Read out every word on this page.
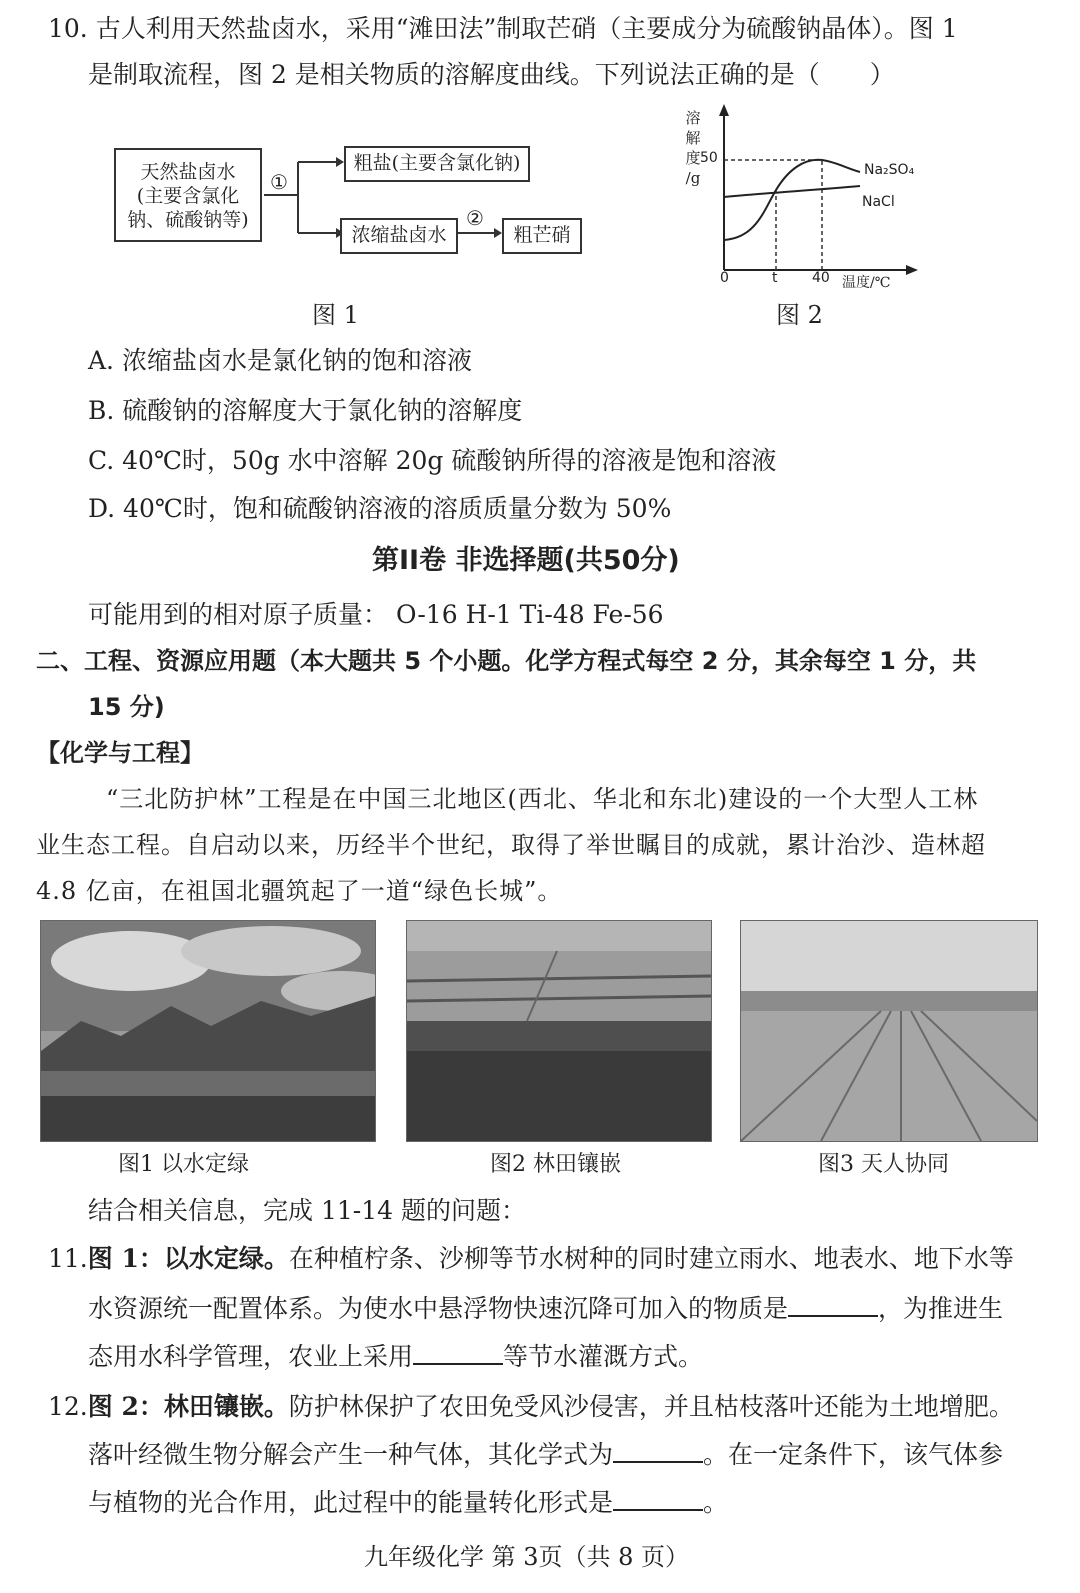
10. 古人利用天然盐卤水，采用“滩田法”制取芒硝（主要成分为硫酸钠晶体）。图 1
是制取流程，图 2 是相关物质的溶解度曲线。下列说法正确的是（　　）
天然盐卤水
(主要含氯化
钠、硫酸钠等)
①
粗盐(主要含氯化钠)
②
浓缩盐卤水	粗芒硝
图 1
溶
解
度
/g
50
0	t 40 温度/℃
Na₂SO₄
NaCl
图 2
A. 浓缩盐卤水是氯化钠的饱和溶液
B. 硫酸钠的溶解度大于氯化钠的溶解度
C. 40℃时，50g 水中溶解 20g 硫酸钠所得的溶液是饱和溶液
D. 40℃时，饱和硫酸钠溶液的溶质质量分数为 50%
第II卷 非选择题(共50分)
可能用到的相对原子质量： O-16 H-1 Ti-48 Fe-56
二、工程、资源应用题（本大题共 5 个小题。化学方程式每空 2 分，其余每空 1 分，共
15 分)
【化学与工程】
“三北防护林”工程是在中国三北地区(西北、华北和东北)建设的一个大型人工林
业生态工程。自启动以来，历经半个世纪，取得了举世瞩目的成就，累计治沙、造林超
4.8 亿亩，在祖国北疆筑起了一道“绿色长城”。
图1 以水定绿	图2 林田镶嵌	图3 天人协同
结合相关信息，完成 11-14 题的问题：
11.图 1：以水定绿。在种植柠条、沙柳等节水树种的同时建立雨水、地表水、地下水等
水资源统一配置体系。为使水中悬浮物快速沉降可加入的物质是	，为推进生
态用水科学管理，农业上采用	等节水灌溉方式。
12.图 2：林田镶嵌。防护林保护了农田免受风沙侵害，并且枯枝落叶还能为土地增肥。
落叶经微生物分解会产生一种气体，其化学式为	。在一定条件下，该气体参
与植物的光合作用，此过程中的能量转化形式是	。
九年级化学 第 3页（共 8 页）
